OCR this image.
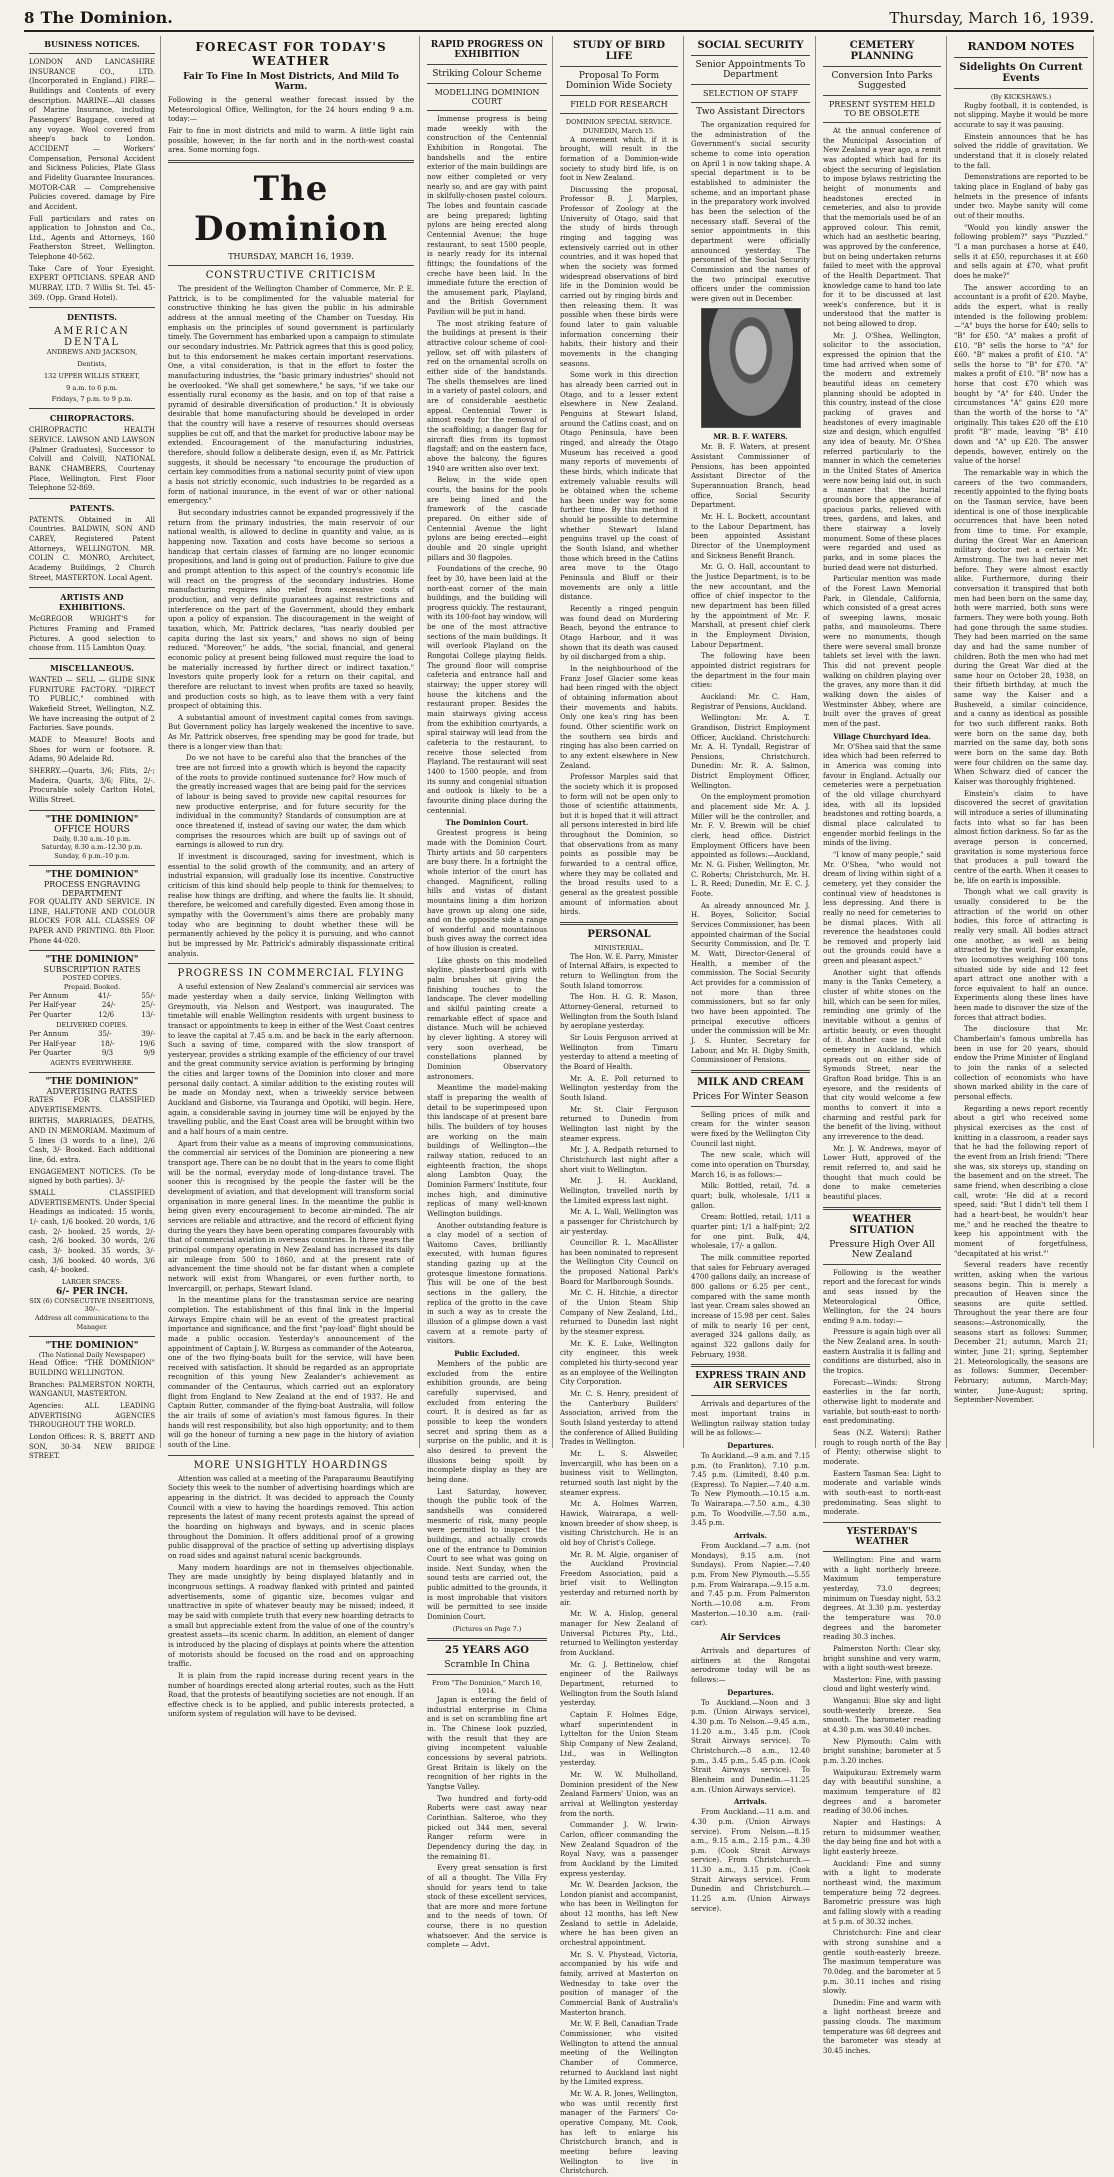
8 The Dominion.	Thursday, March 16, 1939.
BUSINESS NOTICES.

LONDON AND LANCASHIRE INSURANCE CO., LTD. (Incorporated in England.) FIRE—Buildings and Contents of every description. MARINE—All classes of Marine Insurance, including Passengers' Baggage, covered at any voyage. Wool covered from sheep's back to London. ACCIDENT — Workers' Compensation, Personal Accident and Sickness Policies, Plate Glass and Fidelity Guarantee Insurances. MOTOR-CAR — Comprehensive Policies covered. damage by Fire and Accident.

Full particulars and rates on application to Johnston and Co., Ltd., Agents and Attorneys, 160 Featherston Street, Wellington. Telephone 40-562.

Take Care of Your Eyesight. EXPERT OPTICIANS. SPEAR AND MURRAY, LTD. 7 Willis St. Tel. 45-369. (Opp. Grand Hotel).

DENTISTS.
AMERICAN DENTAL
ANDREWS AND JACKSON,
Dentists,
132 UPPER WILLIS STREET,
9 a.m. to 6 p.m.
Fridays, 7 p.m. to 9 p.m.
CHIROPRACTORS.

CHIROPRACTIC HEALTH SERVICE. LAWSON AND LAWSON (Palmer Graduates), Successor to Colvill and Colvill, NATIONAL BANK CHAMBERS, Courtenay Place, Wellington, First Floor Telephone 52-869.

PATENTS.

PATENTS. Obtained in All Countries. BALDWIN, SON AND CAREY, Registered Patent Attorneys, WELLINGTON. MR. COLIN C. MONRO, Architect, Academy Buildings, 2 Church Street, MASTERTON. Local Agent.

ARTISTS AND EXHIBITIONS.

McGREGOR WRIGHT'S for Pictures Framing and Framed Pictures. A good selection to choose from. 115 Lambton Quay.

MISCELLANEOUS.

WANTED — SELL — GLIDE SINK FURNITURE FACTORY. "DIRECT TO PUBLIC," combined with Wakefield Street, Wellington, N.Z. We have increasing the output of 2 Factories. Save pounds.

MADE to Measure! Boots and Shoes for worn or footsore. R. Adams, 90 Adelaide Rd.

SHERRY.—Quarts, 3/6; Flits, 2/-; Madeira, Quarts, 3/6; Flits, 2/-. Procurable solely Carlton Hotel, Willis Street.

"THE DOMINION"
OFFICE HOURS
Daily, 8.30 a.m.-10 p.m.
Saturday, 8.30 a.m.-12.30 p.m.
Sunday, 6 p.m.-10 p.m.
"THE DOMINION"
PROCESS ENGRAVING DEPARTMENT

FOR QUALITY AND SERVICE. IN LINE, HALFTONE AND COLOUR BLOCKS FOR ALL CLASSES OF PAPER AND PRINTING. 8th Floor. Phone 44-020.

"THE DOMINION"
SUBSCRIPTION RATES
POSTED COPIES.
Prepaid. Booked.
Per Annum	41/-	55/-
Per Half-year	24/-	25/-
Per Quarter	12/6	13/-
DELIVERED COPIES.
Per Annum	35/-	39/-
Per Half-year	18/-	19/6
Per Quarter	9/3	9/9
AGENTS EVERYWHERE.
"THE DOMINION"
ADVERTISING RATES

RATES FOR CLASSIFIED ADVERTISEMENTS.

BIRTHS, MARRIAGES, DEATHS, AND IN MEMORIAM. Maximum of 5 lines (3 words to a line), 2/6 Cash, 3/- Booked. Each additional line, 6d. extra.

ENGAGEMENT NOTICES. (To be signed by both parties). 3/-

SMALL CLASSIFIED ADVERTISEMENTS. Under Special Headings as indicated: 15 words, 1/- cash, 1/6 booked. 20 words, 1/6 cash, 2/- booked. 25 words, 2/- cash, 2/6 booked. 30 words, 2/6 cash, 3/- booked. 35 words, 3/- cash, 3/6 booked. 40 words, 3/6 cash, 4/- booked.

LARGER SPACES:
6/- PER INCH.
SIX (6) CONSECUTIVE INSERTIONS, 30/-.
Address all communications to the Manager.
"THE DOMINION"
(The National Daily Newspaper)

Head Office: "THE DOMINION" BUILDING WELLINGTON.

Branches: PALMERSTON NORTH, WANGANUI, MASTERTON.

Agencies: ALL LEADING ADVERTISING AGENCIES THROUGHOUT THE WORLD.

London Offices: R. S. BRETT AND SON, 30-34 NEW BRIDGE STREET.

FORECAST FOR TODAY'S WEATHER
Fair To Fine In Most Districts, And Mild To Warm.

Following is the general weather forecast issued by the Meteorological Office, Wellington, for the 24 hours ending 9 a.m. today:—

Fair to fine in most districts and mild to warm. A little light rain possible, however, in the far north and in the north-west coastal area. Some morning fogs.

The Dominion
THURSDAY, MARCH 16, 1939.
CONSTRUCTIVE CRITICISM

The president of the Wellington Chamber of Commerce, Mr. P. E. Pattrick, is to be complimented for the valuable material for constructive thinking he has given the public in his admirable address at the annual meeting of the Chamber on Tuesday. His emphasis on the principles of sound government is particularly timely. The Government has embarked upon a campaign to stimulate our secondary industries. Mr. Pattrick agrees that this is good policy, but to this endorsement he makes certain important reservations. One, a vital consideration, is that in the effort to foster the manufacturing industries, the "basic primary industries" should not be overlooked. "We shall get somewhere," he says, "if we take our essentially rural economy as the basis, and on top of that raise a pyramid of desirable diversification of production." It is obviously desirable that home manufacturing should be developed in order that the country will have a reserve of resources should overseas supplies be cut off, and that the market for productive labour may be extended. Encouragement of the manufacturing industries, therefore, should follow a deliberate design, even if, as Mr. Pattrick suggests, it should be necessary "to encourage the production of certain key commodities from a national security point of view upon a basis not strictly economic, such industries to be regarded as a form of national insurance, in the event of war or other national emergency."

But secondary industries cannot be expanded progressively if the return from the primary industries, the main reservoir of our national wealth, is allowed to decline in quantity and value, as is happening now. Taxation and costs have become so serious a handicap that certain classes of farming are no longer economic propositions, and land is going out of production. Failure to give due and prompt attention to this aspect of the country's economic life will react on the progress of the secondary industries. Home manufacturing requires also relief from excessive costs of production, and very definite guarantees against restrictions and interference on the part of the Government, should they embark upon a policy of expansion. The discouragement in the weight of taxation, which, Mr. Pattrick declares, "has nearly doubled per capita during the last six years," and shows no sign of being reduced. "Moreover," he adds, "the social, financial, and general economic policy at present being followed must require the load to be materially increased by further direct or indirect taxation." Investors quite properly look for a return on their capital, and therefore are reluctant to invest when profits are taxed so heavily, and production costs so high, as to leave them with a very faint prospect of obtaining this.

A substantial amount of investment capital comes from savings. But Government policy has largely weakened the incentive to save. As Mr. Pattrick observes, free spending may be good for trade, but there is a longer view than that:

Do we not have to be careful also that the branches of the tree are not forced into a growth which is beyond the capacity of the roots to provide continued sustenance for? How much of the greatly increased wages that are being paid for the services of labour is being saved to provide new capital resources for new productive enterprise, and for future security for the individual in the community? Standards of consumption are at once threatened if, instead of saving our water, the dam which comprises the resources which are built up of savings out of earnings is allowed to run dry.

If investment is discouraged, saving for investment, which is essential to the solid growth of the community, and an artery of industrial expansion, will gradually lose its incentive. Constructive criticism of this kind should help people to think for themselves; to realise how things are drifting, and where the faults lie. It should, therefore, be welcomed and carefully digested. Even among those in sympathy with the Government's aims there are probably many today who are beginning to doubt whether these will be permanently achieved by the policy it is pursuing, and who cannot but be impressed by Mr. Pattrick's admirably dispassionate critical analysis.

PROGRESS IN COMMERCIAL FLYING

A useful extension of New Zealand's commercial air services was made yesterday when a daily service, linking Wellington with Greymouth, via Nelson and Westport, was inaugurated. The timetable will enable Wellington residents with urgent business to transact or appointments to keep in either of the West Coast centres to leave the capital at 7.45 a.m. and be back in the early afternoon. Such a saving of time, compared with the slow transport of yesteryear, provides a striking example of the efficiency of our travel and the great community service aviation is performing by bringing the cities and larger towns of the Dominion into closer and more personal daily contact. A similar addition to the existing routes will be made on Monday next, when a triweekly service between Auckland and Gisborne, via Tauranga and Opotiki, will begin. Here, again, a considerable saving in journey time will be enjoyed by the travelling public, and the East Coast area will be brought within two and a half hours of a main centre.

Apart from their value as a means of improving communications, the commercial air services of the Dominion are pioneering a new transport age. There can be no doubt that in the years to come flight will be the normal, everyday mode of long-distance travel. The sooner this is recognised by the people the faster will be the development of aviation, and that development will transform social organisation in more general lines. In the meantime the public is being given every encouragement to become air-minded. The air services are reliable and attractive, and the record of efficient flying during the years they have been operating compares favourably with that of commercial aviation in overseas countries. In three years the principal company operating in New Zealand has increased its daily air mileage from 500 to 1860, and at the present rate of advancement the time should not be far distant when a complete network will exist from Whangarei, or even further north, to Invercargill, or, perhaps, Stewart Island.

In the meantime plans for the transtasman service are nearing completion. The establishment of this final link in the Imperial Airways Empire chain will be an event of the greatest practical importance and significance, and the first "pay-load" flight should be made a public occasion. Yesterday's announcement of the appointment of Captain J. W. Burgess as commander of the Aotearoa, one of the two flying-boats built for the service, will have been received with satisfaction. It should be regarded as an appropriate recognition of this young New Zealander's achievement as commander of the Centaurus, which carried out an exploratory flight from England to New Zealand at the end of 1937. He and Captain Rutter, commander of the flying-boat Australia, will follow the air trails of some of aviation's most famous figures. In their hands will rest responsibility, but also high opportunity; and to them will go the honour of turning a new page in the history of aviation south of the Line.

MORE UNSIGHTLY HOARDINGS

Attention was called at a meeting of the Paraparaumu Beautifying Society this week to the number of advertising hoardings which are appearing in the district. It was decided to approach the County Council with a view to having the hoardings removed. This action represents the latest of many recent protests against the spread of the hoarding on highways and byways, and in scenic places throughout the Dominion. It offers additional proof of a growing public disapproval of the practice of setting up advertising displays on road sides and against natural scenic backgrounds.

Many modern hoardings are not in themselves objectionable. They are made unsightly by being displayed blatantly and in incongruous settings. A roadway flanked with printed and painted advertisements, some of gigantic size, becomes vulgar and unattractive in spite of whatever beauty may be missed; indeed, it may be said with complete truth that every new hoarding detracts to a small but appreciable extent from the value of one of the country's greatest assets—its scenic charm. In addition, an element of danger is introduced by the placing of displays at points where the attention of motorists should be focused on the road and on approaching traffic.

It is plain from the rapid increase during recent years in the number of hoardings erected along arterial routes, such as the Hutt Road, that the protests of beautifying societies are not enough. If an effective check is to be applied, and public interests protected, a uniform system of regulation will have to be devised.

RAPID PROGRESS ON EXHIBITION
Striking Colour Scheme
MODELLING DOMINION COURT

Immense progress is being made weekly with the construction of the Centennial Exhibition in Rongotai. The bandshells and the entire exterior of the main buildings are now either completed or very nearly so, and are gay with paint in skilfully-chosen pastel colours. The lobes and fountain cascade are being prepared; lighting pylons are being erected along Centennial Avenue; the huge restaurant, to seat 1500 people, is nearly ready for its internal fittings; the foundations of the creche have been laid. In the immediate future the erection of the amusement park, Playland, and the British Government Pavilion will be put in hand.

The most striking feature of the buildings at present is their attractive colour scheme of cool-yellow, set off with pilasters of red on the ornamental scrolls on either side of the bandstands. The shells themselves are lined in a variety of pastel colours, and are of considerable aesthetic appeal. Centennial Tower is almost ready for the removal of the scaffolding; a danger flag for aircraft flies from its topmost flagstaff; and on the eastern face, above the balcony, the figures 1940 are written also over text.

Below, in the wide open courts, the basins for the pools are being lined and the framework of the cascade prepared. On either side of Centennial Avenue the light pylons are being erected—eight double and 20 single upright pillars and 30 flagpoles.

Foundations of the creche, 90 feet by 30, have been laid at the north-east corner of the main buildings, and the building will progress quickly. The restaurant, with its 100-foot bay window, will be one of the most attractive sections of the main buildings. It will overlook Playland on the Rongotai College playing fields. The ground floor will comprise cafeteria and entrance hall and stairway; the upper storey will house the kitchens and the restaurant proper. Besides the main stairways giving access from the exhibition courtyards, a spiral stairway will lead from the cafeteria to the restaurant, to receive those selected from Playland. The restaurant will seat 1400 to 1500 people, and from its sunny and congenial situation and outlook is likely to be a favourite dining place during the centennial.

The Dominion Court.

Greatest progress is being made with the Dominion Court. Thirty artists and 50 carpenters are busy there. In a fortnight the whole interior of the court has changed. Magnificent, rolling hills and vistas of distant mountains lining a dim horizon have grown up along one side, and on the opposite side a range of wonderful and mountainous bush gives away the correct idea of how illusion is created.

Like ghosts on this modelled skyline, plasterboard girls with palm brushes sit giving the finishing touches to the landscape. The clever modelling and skilful painting create a remarkable effect of space and distance. Much will be achieved by clever lighting. A storey will very soon overhead, be constellations planned by Dominion Observatory astronomers.

Meantime the model-making staff is preparing the wealth of detail to be superimposed upon this landscape of at present bare hills. The builders of toy houses are working on the main buildings of Wellington—the railway station, reduced to an eighteenth fraction, the shops along Lambton Quay, the Dominion Farmers' Institute, four inches high, and diminutive replicas of many well-known Wellington buildings.

Another outstanding feature is a clay model of a section of Waitomo Caves, brilliantly executed, with human figures standing gazing up at the grotesque limestone formations. This will be one of the best sections in the gallery, the replica of the grotto in the cave in such a way as to create the illusion of a glimpse down a vast cavern at a remote party of visitors.

Public Excluded.

Members of the public are excluded from the entire exhibition grounds, are being carefully supervised, and excluded from entering the court. It is desired as far as possible to keep the wonders secret and spring them as a surprise on the public, and it is also desired to prevent the illusions being spoilt by incomplete display as they are being done.

Last Saturday, however, though the public took of the sandshells was considered mesmeric of risk, many people were permitted to inspect the buildings, and actually crowds one of the entrance to Dominion Court to see what was going on inside. Next Sunday, when the sound tests are carried out, the public admitted to the grounds, it is most improbable that visitors will be permitted to see inside Dominion Court.

(Pictures on Page 7.)
25 YEARS AGO
Scramble In China
From "The Dominion," March 16, 1914.

Japan is entering the field of industrial enterprise in China and is set on scrambling fine art in. The Chinese look puzzled, with the result that they are giving incompetent valuable concessions by several patriots. Great Britain is likely on the recognition of her rights in the Yangtse Valley.

Two hundred and forty-odd Roberts were cast away near Corinthian. Salteroe, who they picked out 344 men, several Ranger reform were in Dependency during the day, in the remaining 81.

Every great sensation is first of all a thought. The Villa Fry should for years tend to take stock of these excellent services, that are more and more fortune and to the needs of town. Of course, there is no question whatsoever. And the service is complete — Advt.

STUDY OF BIRD LIFE
Proposal To Form Dominion Wide Society
FIELD FOR RESEARCH
DOMINION SPECIAL SERVICE.
DUNEDIN, March 15.

A movement which, if it is brought, will result in the formation of a Dominion-wide society to study bird life, is on foot in New Zealand.

Discussing the proposal, Professor B. J. Marples, Professor of Zoology at the University of Otago, said that the study of birds through ringing and tagging was extensively carried out in other countries, and it was hoped that when the society was formed widespread observations of bird life in the Dominion would be carried out by ringing birds and then releasing them. It was possible when these birds were found later to gain valuable information concerning their habits, their history and their movements in the changing seasons.

Some work in this direction has already been carried out in Otago, and to a lesser extent elsewhere in New Zealand. Penguins at Stewart Island, around the Catlins coast, and on Otago Peninsula, have been ringed, and already the Otago Museum has received a good many reports of movements of these birds, which indicate that extremely valuable results will be obtained when the scheme has been under way for some further time. By this method it should be possible to determine whether Stewart Island penguins travel up the coast of the South Island, and whether those which breed in the Catlins area move to the Otago Peninsula and Bluff or their movements are only a little distance.

Recently a ringed penguin was found dead on Murdering Beach, beyond the entrance to Otago Harbour, and it was shown that its death was caused by oil discharged from a ship.

In the neighbourhood of the Franz Josef Glacier some keas had been ringed with the object of obtaining information about their movements and habits. Only one kea's ring has been found. Other scientific work on the southern sea birds and ringing has also been carried on to any extent elsewhere in New Zealand.

Professor Marples said that the society which it is proposed to form will not be open only to those of scientific attainments, but it is hoped that it will attract all persons interested in bird life throughout the Dominion, so that observations from as many points as possible may be forwarded to a central office, where they may be collated and the broad results used to a general as the greatest possible amount of information about birds.

PERSONAL
MINISTERIAL.

The Hon. W. E. Parry, Minister of Internal Affairs, is expected to return to Wellington from the South Island tomorrow.

The Hon. H. G. R. Mason, Attorney-General, returned to Wellington from the South Island by aeroplane yesterday.

Sir Louis Ferguson arrived at Wellington from Timaru yesterday to attend a meeting of the Board of Health.

Mr. A. E. Poll returned to Wellington yesterday from the South Island.

Mr. St. Clair Ferguson returned to Dunedin from Wellington last night by the steamer express.

Mr. J. A. Redpath returned to Christchurch last night after a short visit to Wellington.

Mr. J. H. Auckland, Wellington, travelled north by the Limited express last night.

Mr. A. L. Wall, Wellington was a passenger for Christchurch by air yesterday.

Councillor R. L. MacAllister has been nominated to represent the Wellington City Council on the proposed National Park's Board for Marlborough Sounds.

Mr. C. H. Hitchie, a director of the Union Steam Ship Company of New Zealand, Ltd., returned to Dunedin last night by the steamer express.

Mr. K. E. Luke, Wellington city engineer, this week completed his thirty-second year as an employee of the Wellington City Corporation.

Mr. C. S. Henry, president of the Canterbury Builders' Association, arrived from the South Island yesterday to attend the conference of Allied Building Trades in Wellington.

Mr. L. S. Alsweiler, Invercargill, who has been on a business visit to Wellington, returned south last night by the steamer express.

Mr. A. Holmes Warren, Hawick, Wairarapa, a well-known breeder of show sheep, is visiting Christchurch. He is an old boy of Christ's College.

Mr. R. M. Algie, organiser of the Auckland Provincial Freedom Association, paid a brief visit to Wellington yesterday and returned north by air.

Mr. W. A. Hislop, general manager for New Zealand of Universal Pictures Pty., Ltd., returned to Wellington yesterday from Auckland.

Mr. G. J. Bettinelow, chief engineer of the Railways Department, returned to Wellington from the South Island yesterday.

Captain F. Holmes Edge, wharf superintendent in Lyttelton for the Union Steam Ship Company of New Zealand, Ltd., was in Wellington yesterday.

Mr. W. W. Mulholland, Dominion president of the New Zealand Farmers' Union, was an arrival at Wellington yesterday from the north.

Commander J. W. Irwin-Carlon, officer commanding the New Zealand Squadron of the Royal Navy, was a passenger from Auckland by the Limited express yesterday.

Mr. W. Dearden Jackson, the London pianist and accompanist, who has been in Wellington for about 12 months, has left New Zealand to settle in Adelaide, where he has been given an orchestral appointment.

Mr. S. V. Phystead, Victoria, accompanied by his wife and family, arrived at Masterton on Wednesday to take over the position of manager of the Commercial Bank of Australia's Masterton branch.

Mr. W. F. Bell, Canadian Trade Commissioner, who visited Wellington to attend the annual meeting of the Wellington Chamber of Commerce, returned to Auckland last night by the Limited express.

Mr. W. A. R. Jones, Wellington, who was until recently first manager of the Farmers' Co-operative Company, Mt. Cook, has left to enlarge his Christchurch branch, and is meeting before leaving Wellington to live in Christchurch.

SOCIAL SECURITY
Senior Appointments To Department
SELECTION OF STAFF
Two Assistant Directors

The organization required for the administration of the Government's social security scheme to come into operation on April 1 is now taking shape. A special department is to be established to administer the scheme, and an important phase in the preparatory work involved has been the selection of the necessary staff. Several of the senior appointments in this department were officially announced yesterday. The personnel of the Social Security Commission and the names of the two principal executive officers under the commission were given out in December.

MR. B. F. WATERS.

Mr. B. F. Waters, at present Assistant Commissioner of Pensions, has been appointed Assistant Director of the Superannuation Branch, head office, Social Security Department.

Mr. H. L. Bockett, accountant to the Labour Department, has been appointed Assistant Director of the Unemployment and Sickness Benefit Branch.

Mr. G. O. Hall, accountant to the Justice Department, is to be the new accountant, and the office of chief inspector to the new department has been filled by the appointment of Mr. F. Marshall, at present chief clerk in the Employment Division, Labour Department.

The following have been appointed district registrars for the department in the four main cities:

Auckland: Mr. C. Ham, Registrar of Pensions, Auckland.

Wellington: Mr. A. T. Grandison, District Employment Officer, Auckland. Christchurch: Mr. A. H. Tyndall, Registrar of Pensions, Christchurch. Dunedin: Mr. R. A. Salmon, District Employment Officer, Wellington.

On the employment promotion and placement side Mr. A. J. Miller will be the controller, and Mr. F. V. Brewin will be chief clerk, head office. District Employment Officers have been appointed as follows:—Auckland, Mr. N. G. Fisher, Wellington, Mr. C. Roberts; Christchurch, Mr. H. L. R. Reed; Dunedin, Mr. E. C. J. Foote.

As already announced Mr. J. H. Boyes, Solicitor, Social Services Commissioner, has been appointed chairman of the Social Security Commission, and Dr. T. M. Watt, Director-General of Health, a member of the commission. The Social Security Act provides for a commission of not more than three commissioners, but so far only two have been appointed. The principal executive officers under the commission will be Mr. J. S. Hunter, Secretary for Labour, and Mr. H. Digby Smith, Commissioner of Pensions.

MILK AND CREAM
Prices For Winter Season

Selling prices of milk and cream for the winter season were fixed by the Wellington City Council last night.

The new scale, which will come into operation on Thursday, March 16, is as follows:—

Milk: Bottled, retail, 7d. a quart; bulk, wholesale, 1/11 a gallon.

Cream: Bottled, retail, 1/11 a quarter pint; 1/1 a half-pint; 2/2 for one pint. Bulk, 4/4, wholesale, 17/- a gallon.

The milk committee reported that sales for February averaged 4700 gallons daily, an increase of 800 gallons or 6.25 per cent., compared with the same month last year. Cream sales showed an increase of 15.98 per cent. Sales of milk to nearly 16 per cent, averaged 324 gallons daily, as against 322 gallons daily for February, 1938.

EXPRESS TRAIN AND AIR SERVICES

Arrivals and departures of the most important trains in Wellington railway station today will be as follows:—

Departures.

To Auckland.—9 a.m. and 7.15 p.m. (to Frankton), 7.10 p.m. 7.45 p.m. (Limited), 8.40 p.m. (Express). To Napier.—7.40 a.m. To New Plymouth.—10.15 a.m. To Wairarapa.—7.50 a.m., 4.30 p.m. To Woodville.—7.50 a.m., 3.45 p.m.

Arrivals.

From Auckland.—7 a.m. (not Mondays), 9.15 a.m. (not Sundays). From Napier.—7.40 p.m. From New Plymouth.—5.55 p.m. From Wairarapa.—9.15 a.m. and 7.45 p.m. From Palmerston North.—10.08 a.m. From Masterton.—10.30 a.m. (rail-car).

Air Services

Arrivals and departures of airliners at the Rongotai aerodrome today will be as follows:—

Departures.

To Auckland.—Noon and 3 p.m. (Union Airways service), 4.30 p.m. To Nelson.—9.45 a.m., 11.20 a.m., 3.45 p.m. (Cook Strait Airways service). To Christchurch.—8 a.m., 12.40 p.m., 3.45 p.m., 5.45 p.m. (Cook Strait Airways service). To Blenheim and Dunedin.—11.25 a.m. (Union Airways service).

Arrivals.

From Auckland.—11 a.m. and 4.30 p.m. (Union Airways service). From Nelson.—8.15 a.m., 9.15 a.m., 2.15 p.m., 4.30 p.m. (Cook Strait Airways service). From Christchurch.—11.30 a.m., 3.15 p.m. (Cook Strait Airways service). From Dunedin and Christchurch.—11.25 a.m. (Union Airways service).

CEMETERY PLANNING
Conversion Into Parks Suggested
PRESENT SYSTEM HELD TO BE OBSOLETE

At the annual conference of the Municipal Association of New Zealand a year ago, a remit was adopted which had for its object the securing of legislation to impose bylaws restricting the height of monuments and headstones erected in cemeteries, and also to provide that the memorials used be of an approved colour. This remit, which had an aesthetic bearing, was approved by the conference, but on being undertaken returns failed to meet with the approval of the Health Department. That knowledge came to hand too late for it to be discussed at last week's conference, but it is understood that the matter is not being allowed to drop.

Mr. J. O'Shea, Wellington, solicitor to the association, expressed the opinion that the time had arrived when some of the modern and extremely beautiful ideas on cemetery planning should be adopted in this country, instead of the close packing of graves and headstones of every imaginable size and design, which engulfed any idea of beauty. Mr. O'Shea referred particularly to the manner in which the cemeteries in the United States of America were now being laid out, in such a manner that the burial grounds bore the appearance of spacious parks, relieved with trees, gardens, and lakes, and there stairway a lovely monument. Some of these places were regarded and used as parks, and in some places the buried dead were not disturbed.

Particular mention was made of the Forest Lawn Memorial Park, in Glendale, California, which consisted of a great acres of sweeping lawns, mosaic paths, and mausoleums. There were no monuments, though there were several small bronze tablets set level with the lawn. This did not prevent people walking on children playing over the graves, any more than it did walking down the aisles of Westminster Abbey, where are built over the graves of great men of the past.

Village Churchyard Idea.

Mr. O'Shea said that the same idea which had been referred to in America was coming into favour in England. Actually our cemeteries were a perpetuation of the old village churchyard idea, with all its lopsided headstones and rotting boards, a dismal place calculated to engender morbid feelings in the minds of the living.

"I know of many people," said Mr. O'Shea, "who would not dream of living within sight of a cemetery, yet they consider the continual view of headstones is less depressing. And there is really no need for cemeteries to be dismal places. With all reverence the headstones could be removed and properly laid out the grounds could have a green and pleasant aspect."

Another sight that offends many is the Tanks Cemetery, a cluster of white stones on the hill, which can be seen for miles, reminding one grimly of the inevitable without a genius of artistic beauty, or even thought of it. Another case is the old cemetery in Auckland, which spreads out on either side of Symonds Street, near the Grafton Road bridge. This is an eyesore, and the residents of that city would welcome a few months to convert it into a charming and restful park for the benefit of the living, without any irreverence to the dead.

Mr. J. W. Andrews, mayor of Lower Hutt, approved of the remit referred to, and said he thought that much could be done to make cemeteries beautiful places.

WEATHER SITUATION
Pressure High Over All New Zealand

Following is the weather report and the forecast for winds and seas issued by the Meteorological Office, Wellington, for the 24 hours ending 9 a.m. today:—

Pressure is again high over all the New Zealand area. In south-eastern Australia it is falling and conditions are disturbed, also in the tropics.

Forecast:—Winds: Strong easterlies in the far north, otherwise light to moderate and variable, but south-east to north-east predominating.

Seas (N.Z. Waters): Rather rough to rough north of the Bay of Plenty; otherwise slight to moderate.

Eastern Tasman Sea: Light to moderate and variable winds with south-east to north-east predominating. Seas slight to moderate.

YESTERDAY'S WEATHER

Wellington: Fine and warm with a light northerly breeze. Maximum temperature yesterday, 73.0 degrees; minimum on Tuesday night, 53.2 degrees. At 3.30 p.m. yesterday the temperature was 70.0 degrees and the barometer reading 30.3 inches.

Palmerston North: Clear sky, bright sunshine and very warm, with a light south-west breeze.

Masterton: Fine, with passing cloud and light westerly wind.

Wanganui: Blue sky and light south-westerly breeze. Sea smooth. The barometer reading at 4.30 p.m. was 30.40 inches.

New Plymouth: Calm with bright sunshine; barometer at 5 p.m. 3.20 inches.

Waipukurau: Extremely warm day with beautiful sunshine, a maximum temperature of 82 degrees and a barometer reading of 30.06 inches.

Napier and Hastings: A return to midsummer weather, the day being fine and hot with a light easterly breeze.

Auckland: Fine and sunny with a light to moderate northeast wind, the maximum temperature being 72 degrees. Barometric pressure was high and falling slowly with a reading at 5 p.m. of 30.32 inches.

Christchurch: Fine and clear with strong sunshine and a gentle south-easterly breeze. The maximum temperature was 70.0deg. and the barometer at 5 p.m. 30.11 inches and rising slowly.

Dunedin: Fine and warm with a light northeast breeze and passing clouds. The maximum temperature was 68 degrees and the barometer was steady at 30.45 inches.

RANDOM NOTES
Sidelights On Current Events
(By KICKSHAWS.)

Rugby football, it is contended, is not slipping. Maybe it would be more accurate to say it was pausing.

Einstein announces that he has solved the riddle of gravitation. We understand that it is closely related to the fall.

Demonstrations are reported to be taking place in England of baby gas helmets in the presence of infants under two. Maybe sanity will come out of their mouths.

"Would you kindly answer the following problem?" says "Puzzled." "I a man purchases a horse at £40, sells it at £50, repurchases it at £60 and sells again at £70, what profit does he make?"

The answer according to an accountant is a profit of £20. Maybe, adds the expert, what is really intended is the following problem:—"A" buys the horse for £40; sells to "B" for £50. "A" makes a profit of £10. "B" sells the horse to "A" for £60. "B" makes a profit of £10. "A" sells the horse to "B" for £70. "A" makes a profit of £10. "B" now has a horse that cost £70 which was bought by "A" for £40. Under the circumstances "A" gains £20 more than the worth of the horse to "A" originally. This takes £20 off the £10 profit "B" made, leaving "B" £10 down and "A" up £20. The answer depends, however, entirely on the value of the horse!

The remarkable way in which the careers of the two commanders, recently appointed to the flying boats on the Tasman service, have been identical is one of those inexplicable occurrences that have been noted from time to time. For example, during the Great War an American military doctor met a certain Mr. Armstrong. The two had never met before. They were almost exactly alike. Furthermore, during their conversation it transpired that both men had been born on the same day, both were married, both sons were farmers. They were both young. Both had gone through the same studies. They had been married on the same day and had the same number of children. Both the men who had met during the Great War died at the same hour on October 28, 1938, on their fiftieth birthday, at much the same way the Kaiser and a Busheveld, a similar coincidence, and a canny as identical as possible for two such different ranks. Both were born on the same day, both married on the same day, both sons were born on the same day. Both were four children on the same day. When Schwarz died of cancer the Kaiser was thoroughly frightened.

Einstein's claim to have discovered the secret of gravitation will introduce a series of illuminating facts into what so far has been almost fiction darkness. So far as the average person is concerned, gravitation is some mysterious force that produces a pull toward the centre of the earth. When it ceases to be, life on earth is impossible.

Though what we call gravity is usually considered to be the attraction of the world on other bodies, this force of attracting is really very small. All bodies attract one another, as well as being attracted by the world. For example, two locomotives weighing 100 tons situated side by side and 12 feet apart attract one another with a force equivalent to half an ounce. Experiments along these lines have been made to discover the size of the forces that attract bodies.

The disclosure that Mr. Chamberlain's famous umbrella has been in use for 20 years, should endow the Prime Minister of England to join the ranks of a selected collection of economists who have shown marked ability in the care of personal effects.

Regarding a news report recently about a girl who received some physical exercises as the cost of knitting in a classroom, a reader says that he had the following report of the event from an Irish friend: "There she was, six storeys up, standing on the basement and on the street. The same friend, when describing a close call, wrote: 'He did at a record speed, said: "But I didn't tell them I had a heart-beat, he wouldn't hear me," and he reached the theatre to keep his appointment with the moment of forgetfulness, "decapitated at his wrist."'

Several readers have recently written, asking when the various seasons begin. This is merely a precaution of Heaven since the seasons are quite settled. Throughout the year there are four seasons:—Astronomically, the seasons start as follows: Summer, December 21; autumn, March 21; winter, June 21; spring, September 21. Meteorologically, the seasons are as follows: Summer, December-February; autumn, March-May; winter, June-August; spring, September-November.
